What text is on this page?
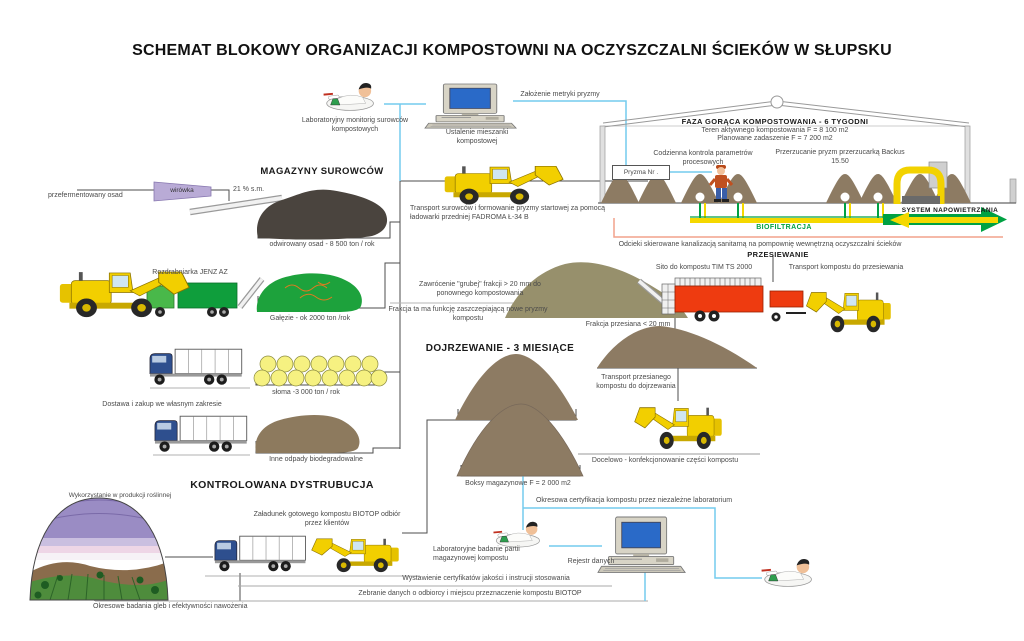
SCHEMAT BLOKOWY ORGANIZACJI KOMPOSTOWNI NA OCZYSZCZALNI ŚCIEKÓW W SŁUPSKU
Laboratoryjny monitorig surowców kompostowych	Ustalenie mieszanki kompostowej
Założenie metryki pryzmy
FAZA GORĄCA KOMPOSTOWANIA - 6 TYGODNI
Teren aktywnego kompostowania F = 8 100 m2
Planowane zadaszenie F = 7 200 m2
Codzienna kontrola parametrów procesowych
Pryzma Nr .
Przerzucanie pryzm przerzucarką Backus 15.50
SYSTEM NAPOWIETRZANIA
BIOFILTRACJA
Odcieki skierowane kanalizacją sanitarną na pompownię wewnętrzną oczyszczalni ścieków
MAGAZYNY SUROWCÓW
przefermentowany osad
wirówka	21 % s.m.
odwirowany osad - 8 500 ton / rok
Rozdrabniarka JENZ AZ
Gałęzie - ok 2000 ton /rok
Dostawa i zakup we własnym zakresie
słoma -3 000 ton / rok
Inne odpady biodegradowalne
Transport surowców i formowanie pryzmy startowej za pomocą ładowarki przedniej FADROMA Ł-34 B
PRZESIEWANIE
Sito do kompostu TIM TS 2000	Transport kompostu do przesiewania
Zawrócenie "grubej" frakcji > 20 mm do ponownego kompostowania
Frakcja ta ma funkcję zaszczepiającą nowe pryzmy kompostu
Frakcja przesiana < 20 mm
DOJRZEWANIE - 3 MIESIĄCE
Transport przesianego kompostu do dojrzewania
Boksy magazynowe F = 2 000 m2
Docelowo - konfekcjonowanie części kompostu
KONTROLOWANA DYSTRUBUCJA
Wykorzystanie w produkcji roślinnej
Załadunek gotowego kompostu BIOTOP odbiór przez klientów
Okresowe badania gleb i efektywności nawożenia
Wystawienie certyfikatów jakości i instrucji stosowania
Zebranie danych o odbiorcy i miejscu przeznaczenie kompostu BIOTOP
Laboratoryjne badanie partii magazynowej kompostu	Rejestr danych
Okresowa certyfikacja kompostu przez niezależne laboratorium
